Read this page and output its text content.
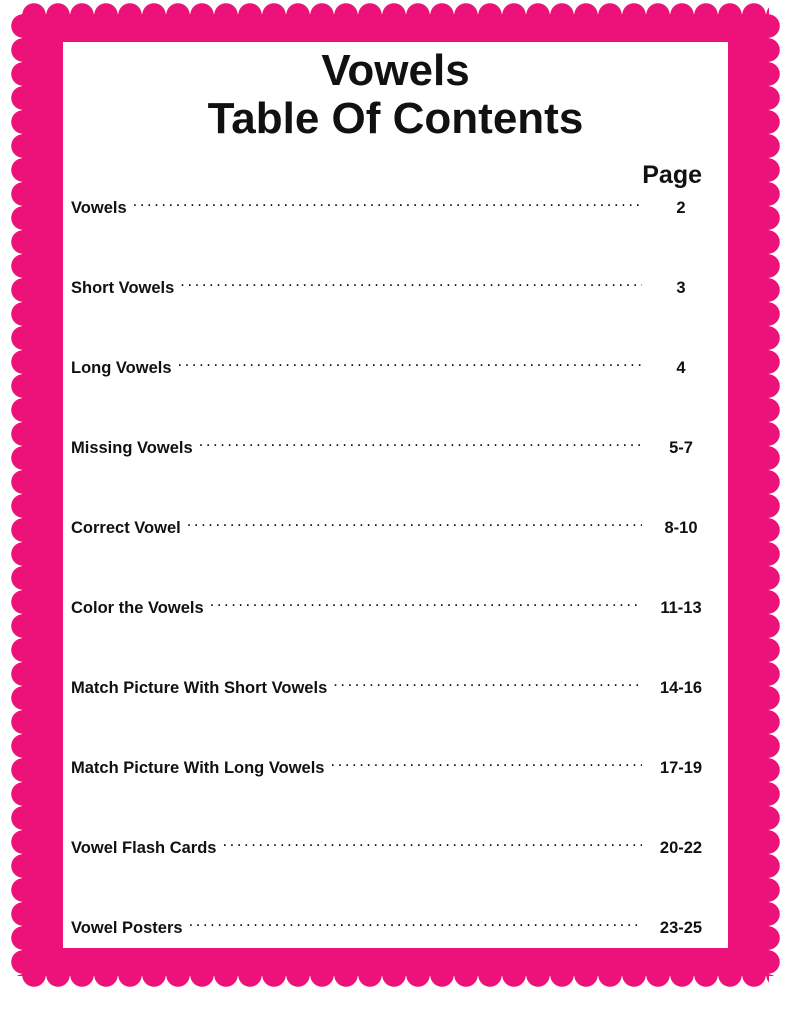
Vowels
Table Of Contents
Page
Vowels .....	2
Short Vowels .....	3
Long Vowels .....	4
Missing Vowels .....	5-7
Correct Vowel .....	8-10
Color the Vowels .....	11-13
Match Picture With Short Vowels .....	14-16
Match Picture With Long Vowels .....	17-19
Vowel Flash Cards .....	20-22
Vowel Posters .....	23-25
